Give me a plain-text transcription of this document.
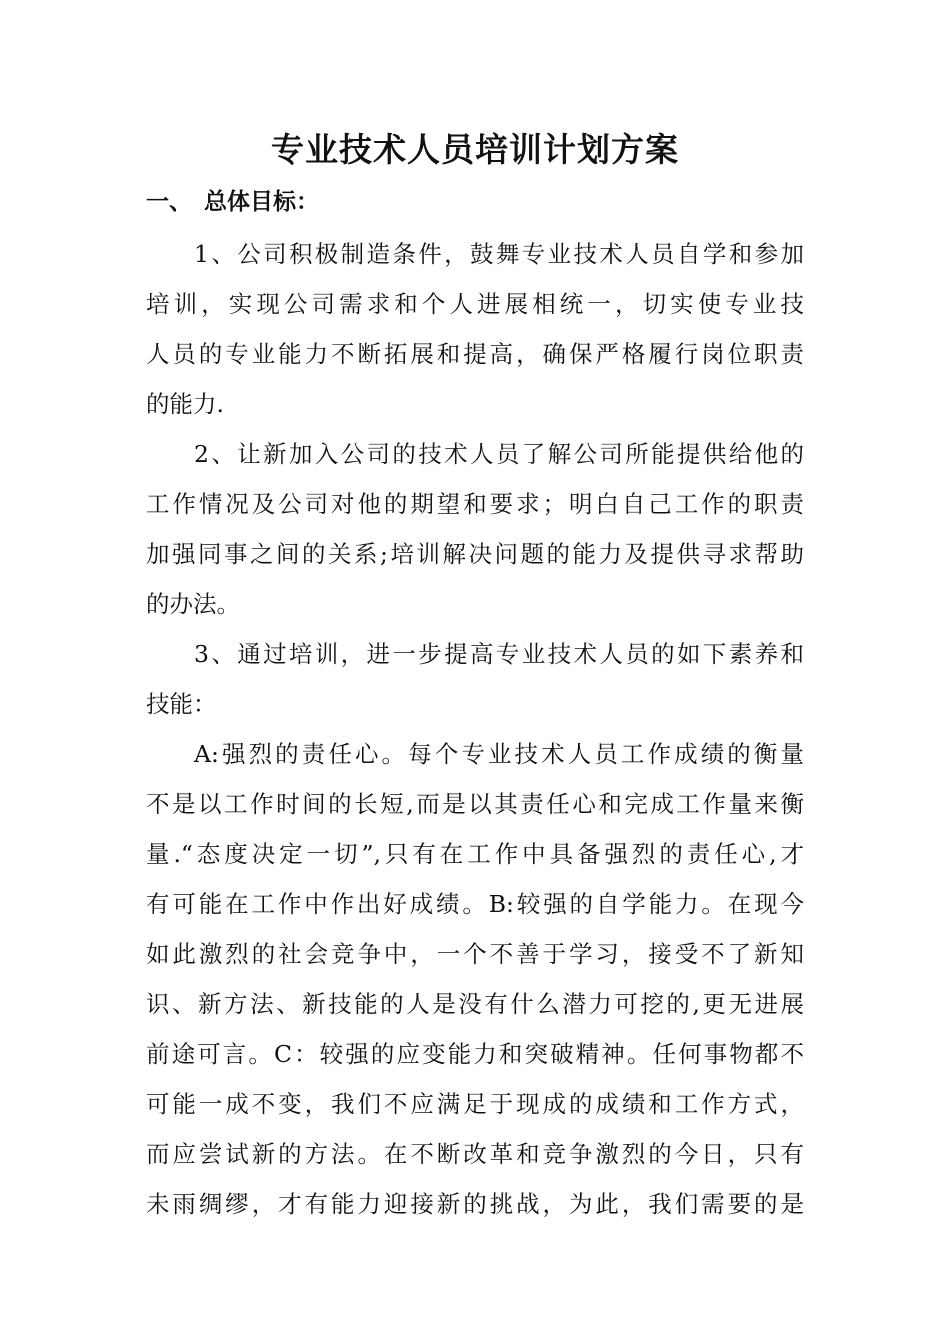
专业技术人员培训计划方案
一、 总体目标：
1、公司积极制造条件，鼓舞专业技术人员自学和参加
培训，实现公司需求和个人进展相统一，切实使专业技
人员的专业能力不断拓展和提高，确保严格履行岗位职责
的能力.
2、让新加入公司的技术人员了解公司所能提供给他的
工作情况及公司对他的期望和要求；明白自己工作的职责
加强同事之间的关系;培训解决问题的能力及提供寻求帮助
的办法。
3、通过培训，进一步提高专业技术人员的如下素养和
技能：
A:强烈的责任心。每个专业技术人员工作成绩的衡量
不是以工作时间的长短,而是以其责任心和完成工作量来衡
量.“态度决定一切”,只有在工作中具备强烈的责任心,才
有可能在工作中作出好成绩。B:较强的自学能力。在现今
如此激烈的社会竞争中，一个不善于学习，接受不了新知
识、新方法、新技能的人是没有什么潜力可挖的,更无进展
前途可言。C：较强的应变能力和突破精神。任何事物都不
可能一成不变，我们不应满足于现成的成绩和工作方式，
而应尝试新的方法。在不断改革和竞争激烈的今日，只有
未雨绸缪，才有能力迎接新的挑战，为此，我们需要的是
